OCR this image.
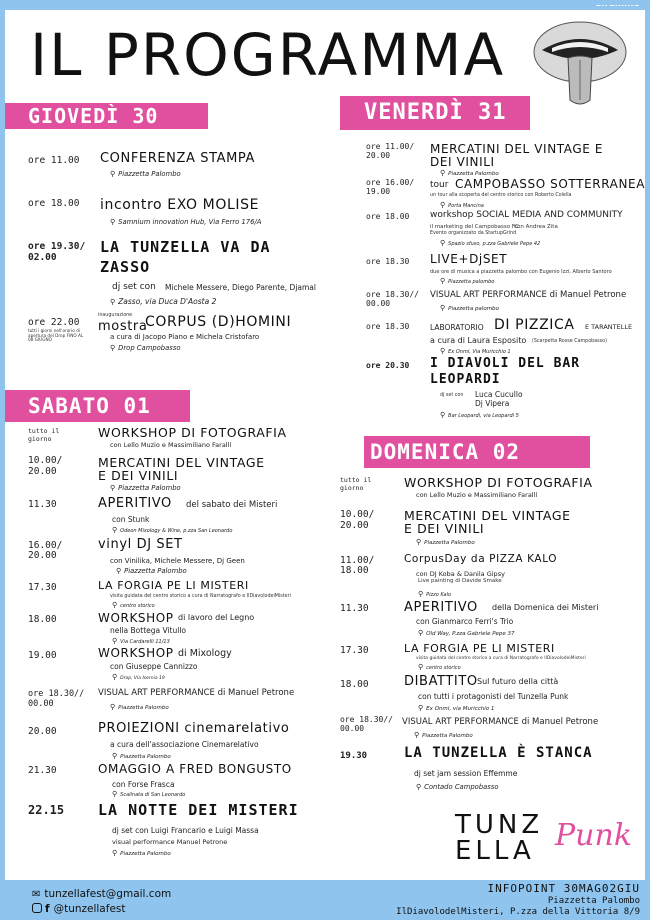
effemme
IL PROGRAMMA
GIOVEDÌ 30	VENERDÌ 31
SABATO 01
DOMENICA 02
ore 11.00 CONFERENZA STAMPA
⚲ Piazzetta Palombo
ore 18.00 incontro EXO MOLISE
⚲ Samnium innovation Hub, Via Ferro 176/A
ore 19.30/
02.00
LA TUNZELLA VA DA
ZASSO
dj set con Michele Messere, Diego Parente, Djamal
⚲ Zasso, via Duca D'Aosta 2
ore 22.00
tutti i giorni nell'orario di apertura del Drop FINO AL 08 GIUGNO
inaugurazione
mostra
CORPUS (D)HOMINI
a cura di Jacopo Piano e Michela Cristofaro
⚲ Drop Campobasso
ore 11.00/
20.00	MERCATINI DEL VINTAGE E
DEI VINILI
⚲ Piazzetta Palombo
ore 16.00/
19.00
tour CAMPOBASSO SOTTERRANEA
un tour alla scoperta del centro storico con Roberto Colella
⚲ Porta Mancina
ore 18.00 workshop SOCIAL MEDIA AND COMMUNITY
il marketing del Campobasso FC
con Andrea Zita
Evento organizzato da StartupGrind
⚲ Spazio sfuso, p.zza Gabriele Pepe 42
ore 18.30 LIVE+DjSET
due ore di musica a piazzetta palombo con Eugenio Izzi, Alberto Santoro
⚲ Piazzetta palombo
ore 18.30//
00.00
VISUAL ART PERFORMANCE di Manuel Petrone
⚲ Piazzetta palombo
ore 18.30	LABORATORIO DI PIZZICA E TARANTELLE
a cura di Laura Esposito (Scarpetta Rosse Campobasso)
⚲ Ex Onmi, Via Muricchio 1
ore 20.30 I DIAVOLI DEL BAR
LEOPARDI
dj set con Luca Cucullo
Dj Vipera
⚲ Bar Leopardi, via Leopardi 5
tutto il
giorno	WORKSHOP DI FOTOGRAFIA
con Lello Muzio e Massimiliano Farallí
10.00/
20.00
MERCATINI DEL VINTAGE
E DEI VINILI
⚲ Piazzetta Palombo
11.30	APERITIVO del sabato dei Misteri
con Stunk
⚲ Odeon Mixology & Wine, p.zza San Leonardo
16.00/
20.00
vinyl DJ SET
con Vinilika, Michele Messere, Dj Geen
⚲ Piazzetta Palombo
17.30	LA FORGIA PE LI MISTERI
visita guidata del centro storico a cura di Narratografo e IlDiavolodeiMisteri
⚲ centro storico
18.00	WORKSHOP di lavoro del Legno
nella Bottega Vitullo
⚲ Via Cardarelli 11/13
19.00	WORKSHOP di Mixology
con Giuseppe Cannizzo
⚲ Drop, Via Isernia 19
ore 18.30//
00.00
VISUAL ART PERFORMANCE di Manuel Petrone
⚲ Piazzetta Palombo
20.00	PROIEZIONI cinemarelativo
a cura dell'associazione Cinemarelativo
⚲ Piazzetta Palombo
21.30	OMAGGIO A FRED BONGUSTO
con Forse Frasca
⚲ Scalinata di San Leonardo
22.15 LA NOTTE DEI MISTERI
dj set con Luigi Francario e Luigi Massa
visual performance Manuel Petrone
⚲ Piazzetta Palombo
tutto il
giorno	WORKSHOP DI FOTOGRAFIA
con Lello Muzio e Massimiliano Farallí
10.00/
20.00
MERCATINI DEL VINTAGE
E DEI VINILI
⚲ Piazzetta Palombo
11.00/
18.00
CorpusDay da PIZZA KALO
con DJ Koba & Danila Gipsy
Live painting di Davide Smake
⚲ Pizzo Kalo
11.30	APERITIVO della Domenica dei Misteri
con Gianmarco Ferri's Trio
⚲ Old Way, P.zza Gabriele Pepe 37
17.30	LA FORGIA PE LI MISTERI
visita guidata del centro storico a cura di Narratografo e IlDiavolodeiMisteri
⚲ centro storico
18.00	DIBATTITO Sul futuro della città
con tutti i protagonisti del Tunzella Punk
⚲ Ex Onmi, via Muricchio 1
ore 18.30//
00.00
VISUAL ART PERFORMANCE di Manuel Petrone
⚲ Piazzetta Palombo
19.30	LA TUNZELLA È STANCA
dj set jam session Effemme
⚲ Contado Campobasso
TUNZ
ELLA Punk
✉ tunzellafest@gmail.com
f @tunzellafest
INFOPOINT 30MAG02GIU
Piazzetta Palombo
IlDiavolodelMisteri, P.zza della Vittoria 8/9
